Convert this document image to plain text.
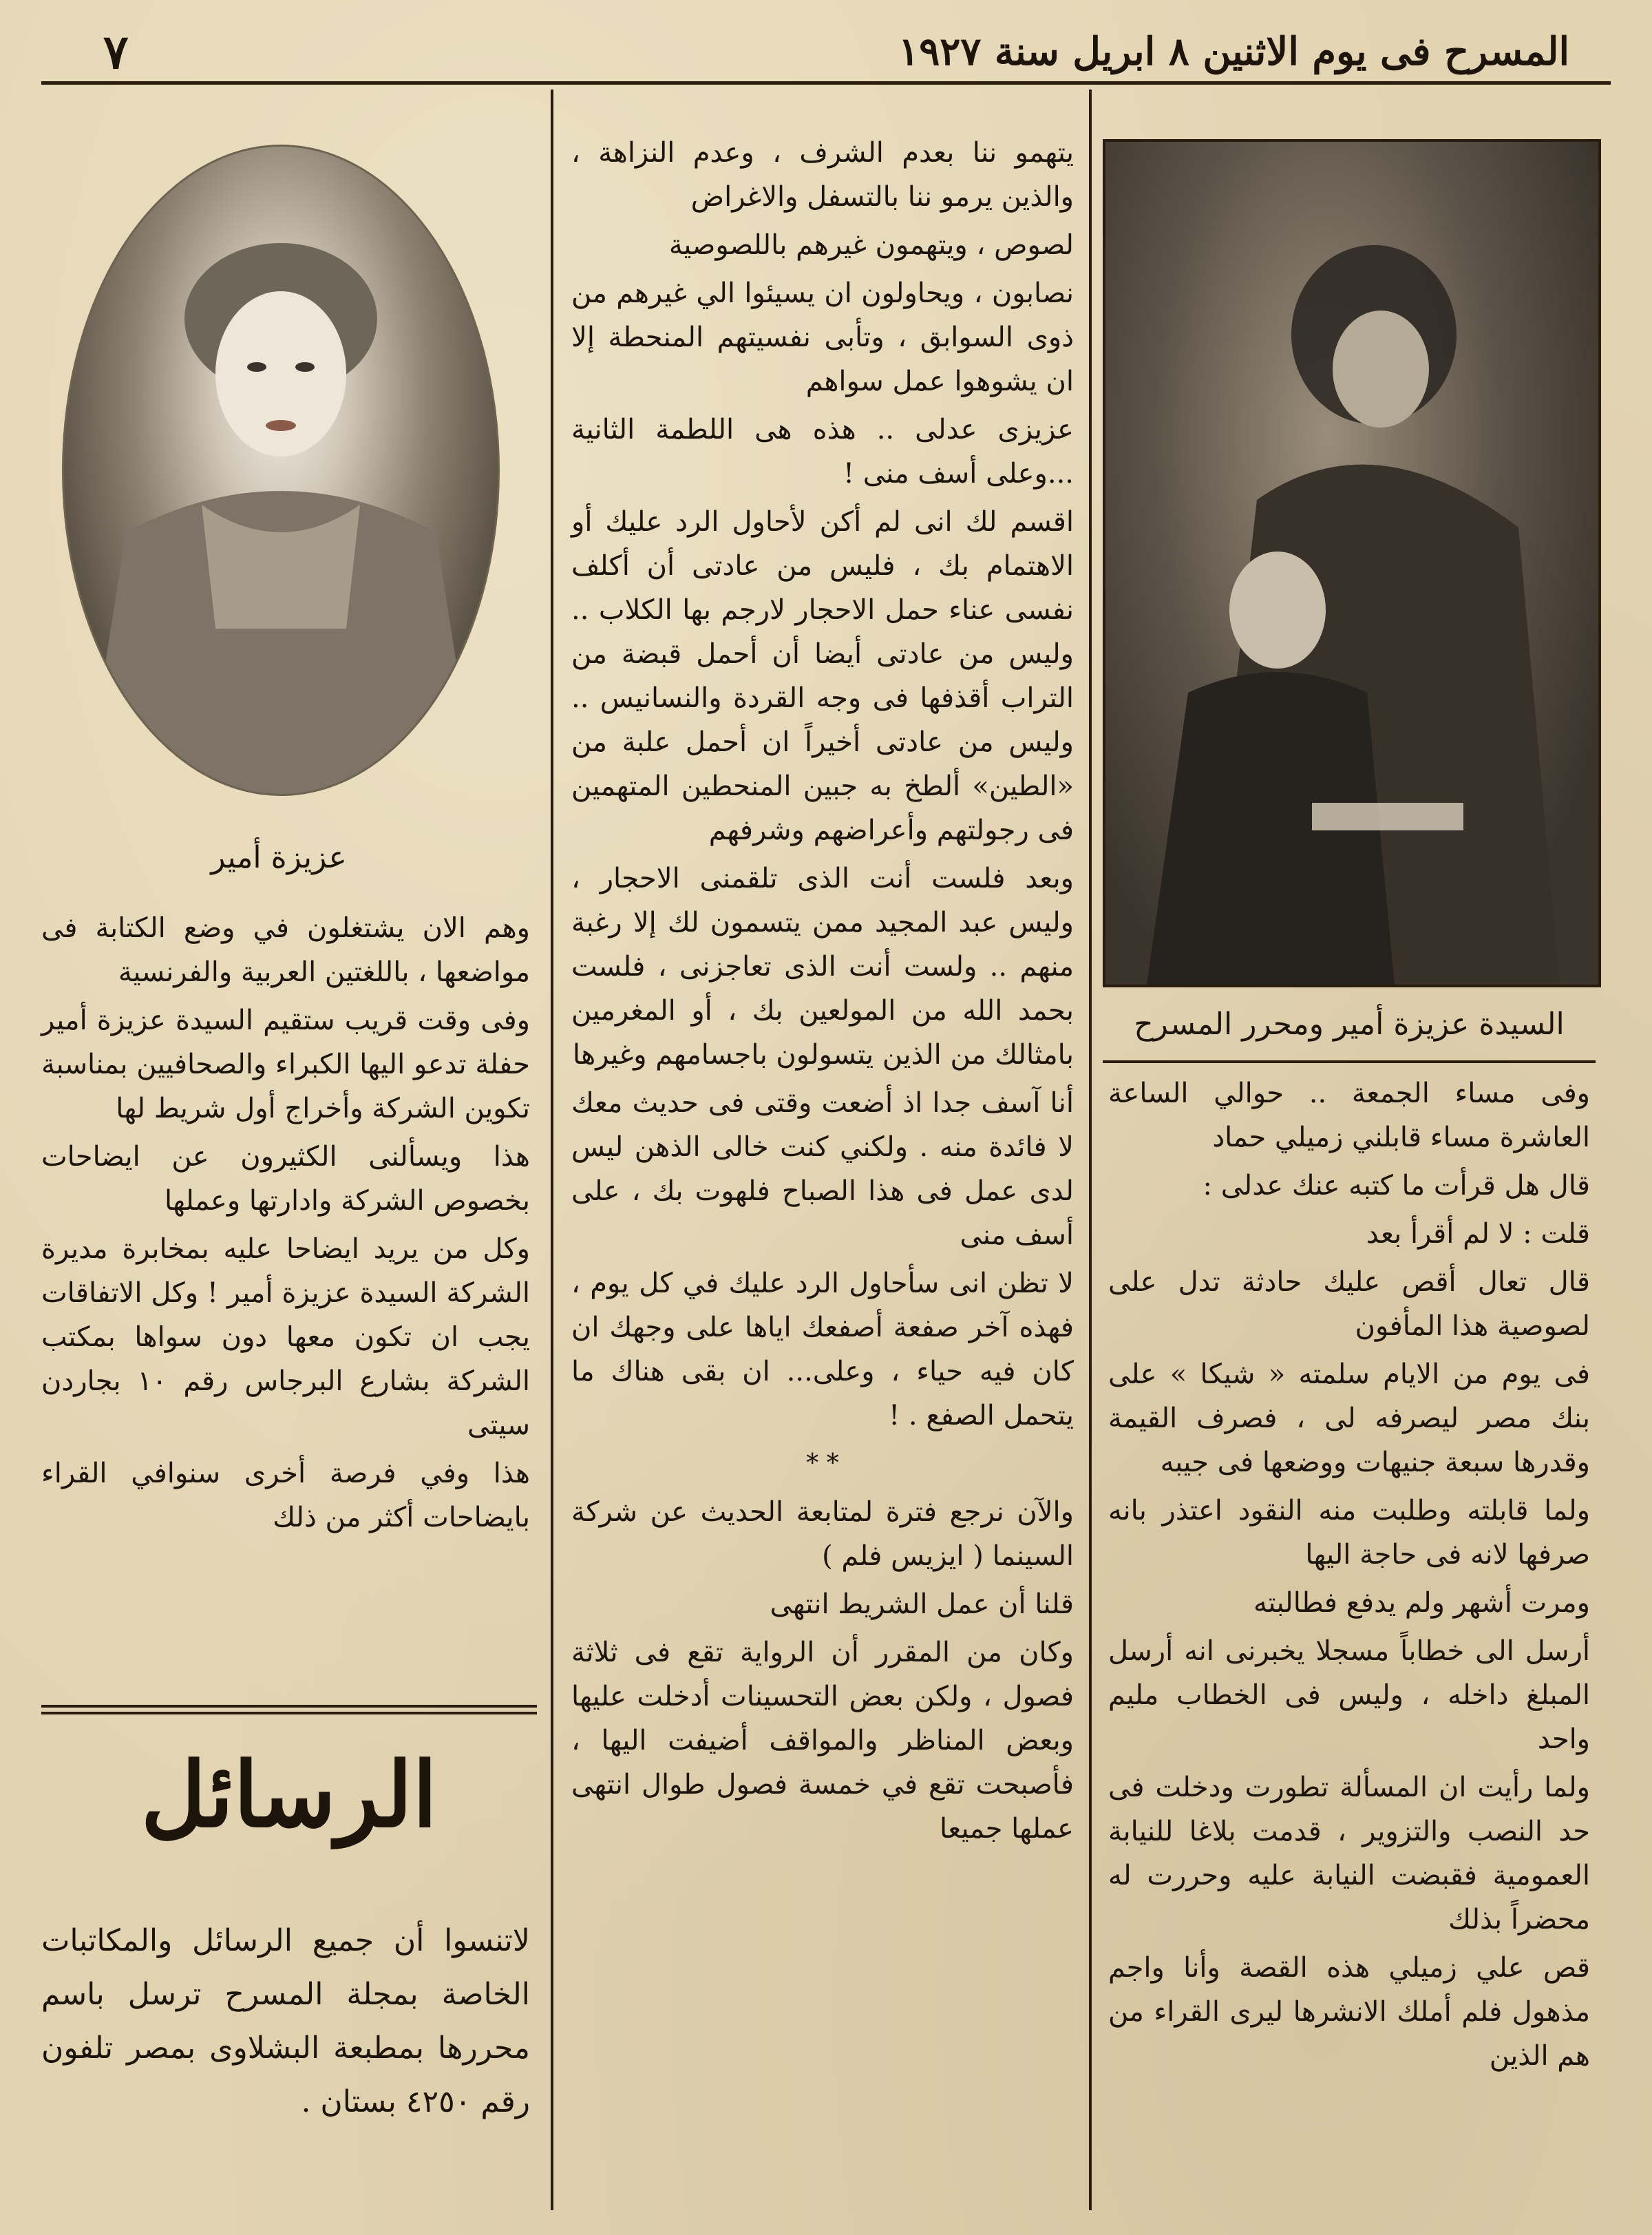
٧	المسرح فى يوم الاثنين ٨ ابريل سنة ١٩٢٧
السيدة عزيزة أمير ومحرر المسرح

وفى مساء الجمعة .. حوالي الساعة العاشرة مساء قابلني زميلي حماد

قال هل قرأت ما كتبه عنك عدلى :

قلت : لا لم أقرأ بعد

قال تعال أقص عليك حادثة تدل على لصوصية هذا المأفون

فى يوم من الايام سلمته « شيكا » على بنك مصر ليصرفه لى ، فصرف القيمة وقدرها سبعة جنيهات ووضعها فى جيبه

ولما قابلته وطلبت منه النقود اعتذر بانه صرفها لانه فى حاجة اليها

ومرت أشهر ولم يدفع فطالبته

أرسل الى خطاباً مسجلا يخبرنى انه أرسل المبلغ داخله ، وليس فى الخطاب مليم واحد

ولما رأيت ان المسألة تطورت ودخلت فى حد النصب والتزوير ، قدمت بلاغا للنيابة العمومية فقبضت النيابة عليه وحررت له محضراً بذلك

قص علي زميلي هذه القصة وأنا واجم مذهول فلم أملك الانشرها ليرى القراء من هم الذين

يتهمو ننا بعدم الشرف ، وعدم النزاهة ، والذين يرمو ننا بالتسفل والاغراض

لصوص ، ويتهمون غيرهم باللصوصية

نصابون ، ويحاولون ان يسيئوا الي غيرهم من ذوى السوابق ، وتأبى نفسيتهم المنحطة إلا ان يشوهوا عمل سواهم

عزيزى عدلى .. هذه هى اللطمة الثانية ...وعلى أسف منى !

اقسم لك انى لم أكن لأحاول الرد عليك أو الاهتمام بك ، فليس من عادتى أن أكلف نفسى عناء حمل الاحجار لارجم بها الكلاب .. وليس من عادتى أيضا أن أحمل قبضة من التراب أقذفها فى وجه القردة والنسانيس .. وليس من عادتى أخيراً ان أحمل علبة من «الطين» ألطخ به جبين المنحطين المتهمين فى رجولتهم وأعراضهم وشرفهم

وبعد فلست أنت الذى تلقمنى الاحجار ، وليس عبد المجيد ممن يتسمون لك إلا رغبة منهم .. ولست أنت الذى تعاجزنى ، فلست بحمد الله من المولعين بك ، أو المغرمين بامثالك من الذين يتسولون باجسامهم وغيرها

أنا آسف جدا اذ أضعت وقتى فى حديث معك لا فائدة منه . ولكني كنت خالى الذهن ليس لدى عمل فى هذا الصباح فلهوت بك ، على أسف منى

لا تظن انى سأحاول الرد عليك في كل يوم ، فهذه آخر صفعة أصفعك اياها على وجهك ان كان فيه حياء ، وعلى... ان بقى هناك ما يتحمل الصفع . !

* *

والآن نرجع فترة لمتابعة الحديث عن شركة السينما ( ايزيس فلم )

قلنا أن عمل الشريط انتهى

وكان من المقرر أن الرواية تقع فى ثلاثة فصول ، ولكن بعض التحسينات أدخلت عليها وبعض المناظر والمواقف أضيفت اليها ، فأصبحت تقع في خمسة فصول طوال انتهى عملها جميعا

عزيزة أمير

وهم الان يشتغلون في وضع الكتابة فى مواضعها ، باللغتين العربية والفرنسية

وفى وقت قريب ستقيم السيدة عزيزة أمير حفلة تدعو اليها الكبراء والصحافيين بمناسبة تكوين الشركة وأخراج أول شريط لها

هذا ويسألنى الكثيرون عن ايضاحات بخصوص الشركة وادارتها وعملها

وكل من يريد ايضاحا عليه بمخابرة مديرة الشركة السيدة عزيزة أمير ! وكل الاتفاقات يجب ان تكون معها دون سواها بمكتب الشركة بشارع البرجاس رقم ١٠ بجاردن سيتى

هذا وفي فرصة أخرى سنوافي القراء بايضاحات أكثر من ذلك

الرسائل

لاتنسوا أن جميع الرسائل والمكاتبات الخاصة بمجلة المسرح ترسل باسم محررها بمطبعة البشلاوى بمصر تلفون رقم ٤٢٥٠ بستان .
